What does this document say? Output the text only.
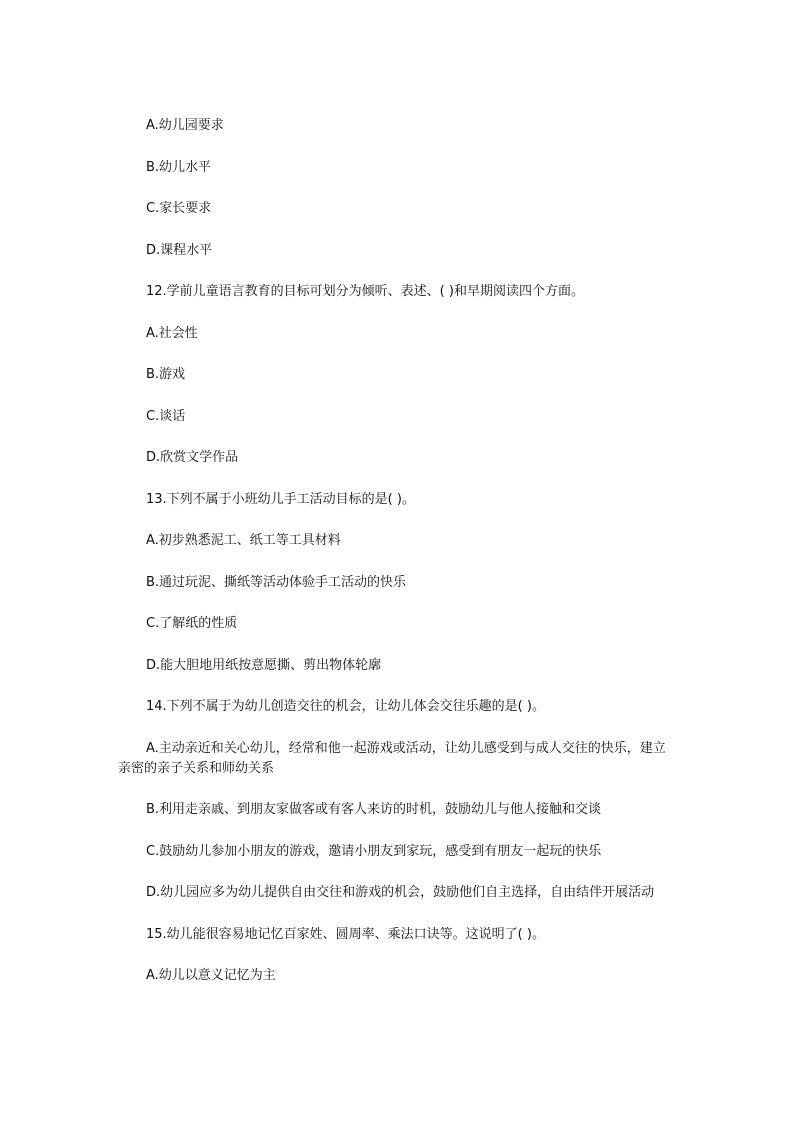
A.幼儿园要求

B.幼儿水平

C.家长要求

D.课程水平

12.学前儿童语言教育的目标可划分为倾听、表述、( )和早期阅读四个方面。

A.社会性

B.游戏

C.谈话

D.欣赏文学作品

13.下列不属于小班幼儿手工活动目标的是( )。

A.初步熟悉泥工、纸工等工具材料

B.通过玩泥、撕纸等活动体验手工活动的快乐

C.了解纸的性质

D.能大胆地用纸按意愿撕、剪出物体轮廓

14.下列不属于为幼儿创造交往的机会，让幼儿体会交往乐趣的是( )。

A.主动亲近和关心幼儿，经常和他一起游戏或活动，让幼儿感受到与成人交往的快乐，建立亲密的亲子关系和师幼关系

B.利用走亲戚、到朋友家做客或有客人来访的时机，鼓励幼儿与他人接触和交谈

C.鼓励幼儿参加小朋友的游戏，邀请小朋友到家玩，感受到有朋友一起玩的快乐

D.幼儿园应多为幼儿提供自由交往和游戏的机会，鼓励他们自主选择，自由结伴开展活动

15.幼儿能很容易地记忆百家姓、圆周率、乘法口诀等。这说明了( )。

A.幼儿以意义记忆为主
